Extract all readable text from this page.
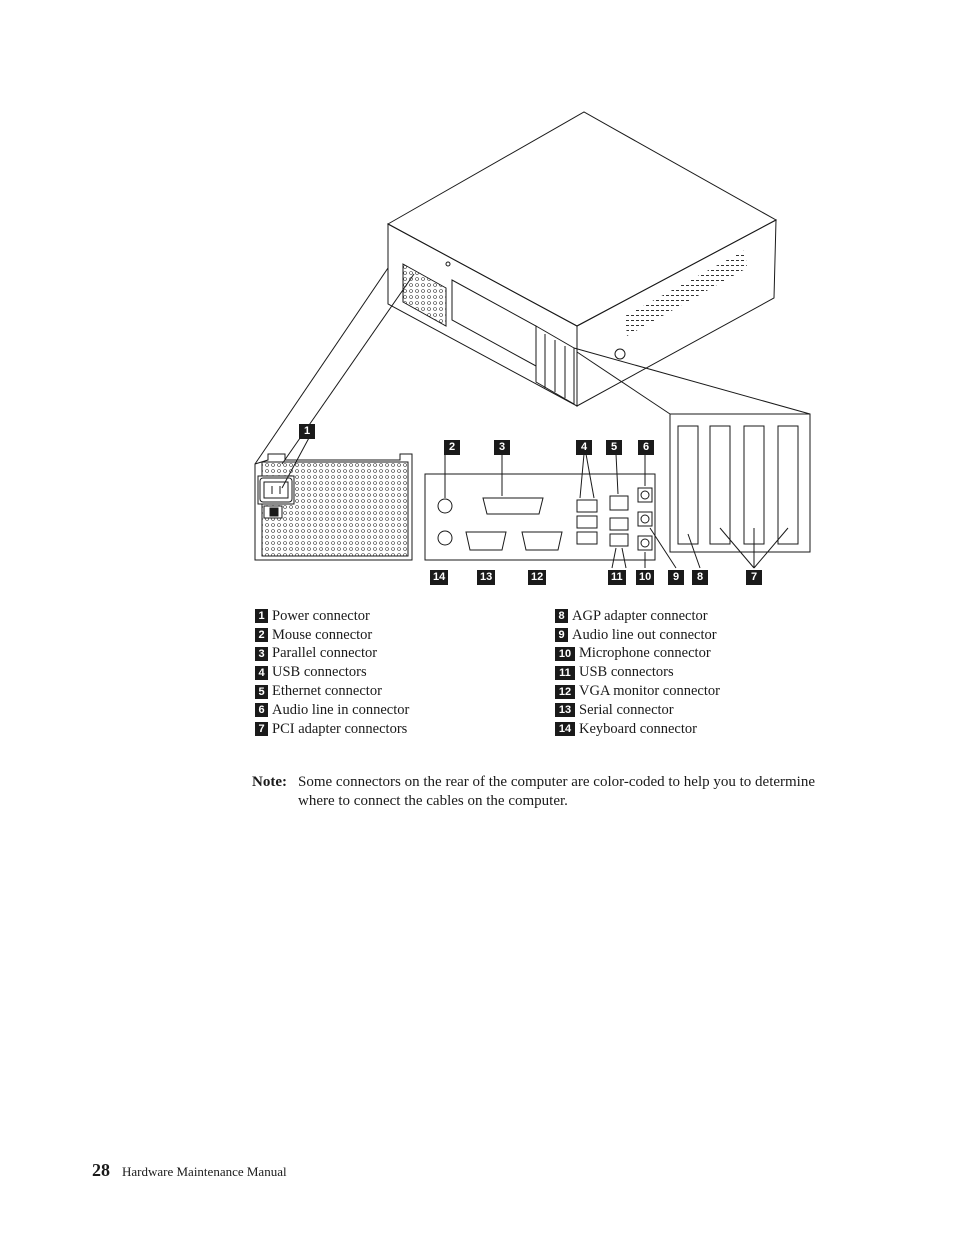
1
2	3	4	5	6
7
8
9
10
11
12
13
14
1 Power connector
2 Mouse connector
3 Parallel connector
4 USB connectors
5 Ethernet connector
6 Audio line in connector
7 PCI adapter connectors
8 AGP adapter connector
9 Audio line out connector
10 Microphone connector
11 USB connectors
12 VGA monitor connector
13 Serial connector
14 Keyboard connector
Note: Some connectors on the rear of the computer are color-coded to help you to determine where to connect the cables on the computer.
28 Hardware Maintenance Manual
